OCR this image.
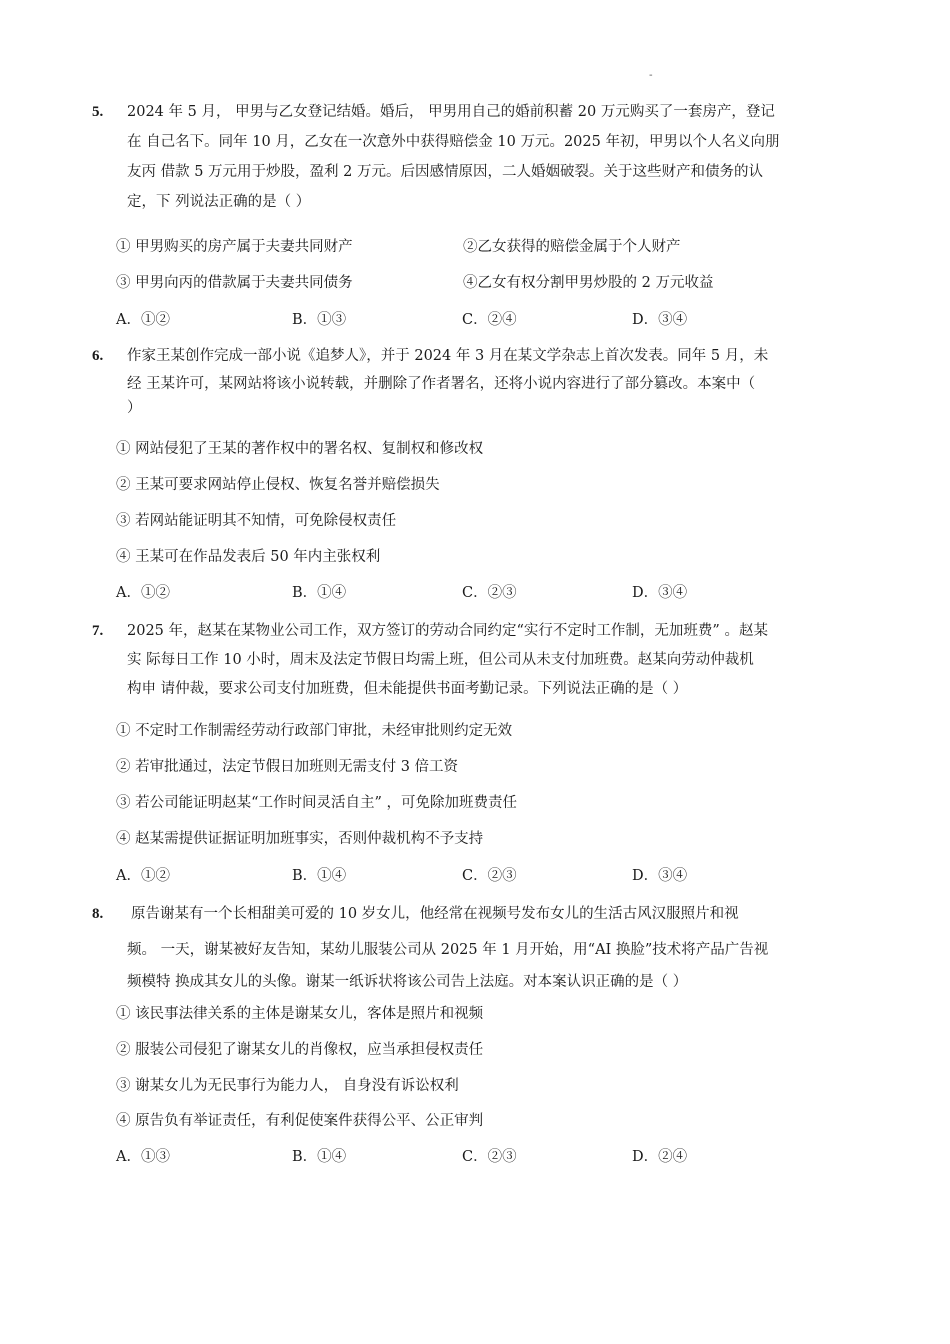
-
5. 2024 年 5 月， 甲男与乙女登记结婚。婚后， 甲男用自己的婚前积蓄 20 万元购买了一套房产，登记
在 自己名下。同年 10 月，乙女在一次意外中获得赔偿金 10 万元。2025 年初，甲男以个人名义向朋
友丙 借款 5 万元用于炒股，盈利 2 万元。后因感情原因，二人婚姻破裂。关于这些财产和债务的认
定，下 列说法正确的是（ ）
① 甲男购买的房产属于夫妻共同财产	②乙女获得的赔偿金属于个人财产
③ 甲男向丙的借款属于夫妻共同债务	④乙女有权分割甲男炒股的 2 万元收益
A．①②	B．①③	C．②④	D．③④
6. 作家王某创作完成一部小说《追梦人》，并于 2024 年 3 月在某文学杂志上首次发表。同年 5 月，未
经 王某许可，某网站将该小说转载，并删除了作者署名，还将小说内容进行了部分篡改。本案中（
）
① 网站侵犯了王某的著作权中的署名权、复制权和修改权
② 王某可要求网站停止侵权、恢复名誉并赔偿损失
③ 若网站能证明其不知情，可免除侵权责任
④ 王某可在作品发表后 50 年内主张权利
A．①②	B．①④	C．②③	D．③④
7. 2025 年，赵某在某物业公司工作，双方签订的劳动合同约定“实行不定时工作制，无加班费” 。赵某
实 际每日工作 10 小时，周末及法定节假日均需上班，但公司从未支付加班费。赵某向劳动仲裁机
构申 请仲裁，要求公司支付加班费，但未能提供书面考勤记录。下列说法正确的是（ ）
① 不定时工作制需经劳动行政部门审批，未经审批则约定无效
② 若审批通过，法定节假日加班则无需支付 3 倍工资
③ 若公司能证明赵某“工作时间灵活自主” ，可免除加班费责任
④ 赵某需提供证据证明加班事实，否则仲裁机构不予支持
A．①②	B．①④	C．②③	D．③④
8. 原告谢某有一个长相甜美可爱的 10 岁女儿，他经常在视频号发布女儿的生活古风汉服照片和视
频。 一天，谢某被好友告知，某幼儿服装公司从 2025 年 1 月开始，用“AI 换脸”技术将产品广告视
频模特 换成其女儿的头像。谢某一纸诉状将该公司告上法庭。对本案认识正确的是（ ）
① 该民事法律关系的主体是谢某女儿，客体是照片和视频
② 服装公司侵犯了谢某女儿的肖像权，应当承担侵权责任
③ 谢某女儿为无民事行为能力人， 自身没有诉讼权利
④ 原告负有举证责任，有利促使案件获得公平、公正审判
A．①③	B．①④	C．②③	D．②④
